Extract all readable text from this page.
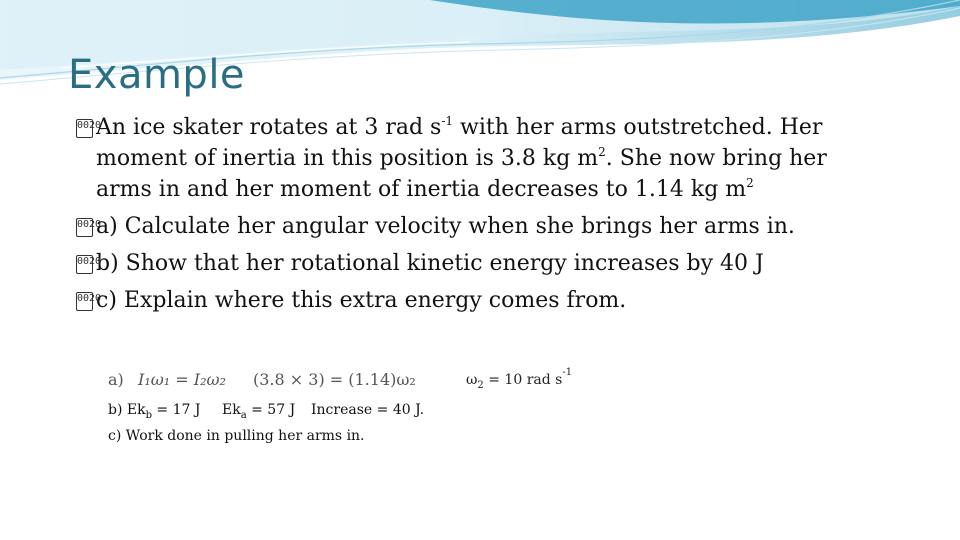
Example

0020
An ice skater rotates at 3 rad $s^{-1}$ with her arms outstretched. Her
moment of inertia in this position is 3.8 kg $m^2$. She now bring her
arms in and her moment of inertia decreases to 1.14 kg $m^2$

0020
a) Calculate her angular velocity when she brings her arms in.

0020
b) Show that her rotational kinetic energy increases by 40 J

0020
c) Explain where this extra energy comes from.

a) I₁ω₁ = I₂ω₂ (3.8 × 3) = (1.14)ω₂	$\omega_2 = 10$ rad $s^{-1}$
b) $Ek_b = 17$ J $Ek_a = 57$ J Increase = 40 J.

c) Work done in pulling her arms in.
